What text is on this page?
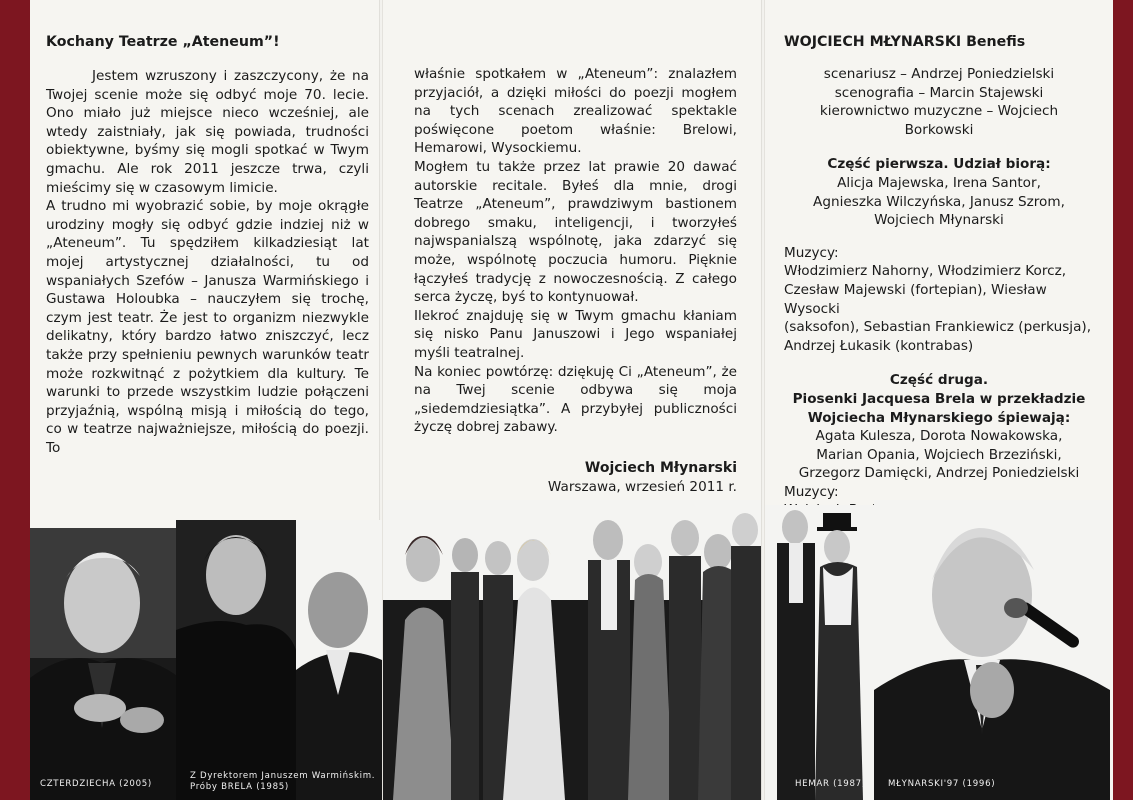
Kochany Teatrze „Ateneum”!

Jestem wzruszony i zaszczycony, że na Twojej scenie może się odbyć moje 70. lecie. Ono miało już miejsce nieco wcześniej, ale wtedy zaistniały, jak się powiada, trudności obiektywne, byśmy się mogli spotkać w Twym gmachu. Ale rok 2011 jeszcze trwa, czyli mieścimy się w czasowym limicie.

A trudno mi wyobrazić sobie, by moje okrągłe urodziny mogły się odbyć gdzie indziej niż w „Ateneum”. Tu spędziłem kilkadziesiąt lat mojej artystycznej działalności, tu od wspaniałych Szefów – Janusza Warmińskiego i Gustawa Holoubka – nauczyłem się trochę, czym jest teatr. Że jest to organizm niezwykle delikatny, który bardzo łatwo zniszczyć, lecz także przy spełnieniu pewnych warunków teatr może rozkwitnąć z pożytkiem dla kultury. Te warunki to przede wszystkim ludzie połączeni przyjaźnią, wspólną misją i miłością do tego, co w teatrze najważniejsze, miłością do poezji. To

właśnie spotkałem w „Ateneum”: znalazłem przyjaciół, a dzięki miłości do poezji mogłem na tych scenach zrealizować spektakle poświęcone poetom właśnie: Brelowi, Hemarowi, Wysockiemu.

Mogłem tu także przez lat prawie 20 dawać autorskie recitale. Byłeś dla mnie, drogi Teatrze „Ateneum”, prawdziwym bastionem dobrego smaku, inteligencji, i tworzyłeś najwspanialszą wspólnotę, jaka zdarzyć się może, wspólnotę poczucia humoru. Pięknie łączyłeś tradycję z nowoczesnością. Z całego serca życzę, byś to kontynuował.

Ilekroć znajduję się w Twym gmachu kłaniam się nisko Panu Januszowi i Jego wspaniałej myśli teatralnej.

Na koniec powtórzę: dziękuję Ci „Ateneum”, że na Twej scenie odbywa się moja „siedemdziesiątka”. A przybyłej publiczności życzę dobrej zabawy.

Wojciech Młynarski
Warszawa, wrzesień 2011 r.
WOJCIECH MŁYNARSKI Benefis
scenariusz – Andrzej Poniedzielski
scenografia – Marcin Stajewski
kierownictwo muzyczne – Wojciech Borkowski
Część pierwsza. Udział biorą:
Alicja Majewska, Irena Santor,
Agnieszka Wilczyńska, Janusz Szrom,
Wojciech Młynarski
Muzycy:
Włodzimierz Nahorny, Włodzimierz Korcz,
Czesław Majewski (fortepian), Wiesław Wysocki
(saksofon), Sebastian Frankiewicz (perkusja),
Andrzej Łukasik (kontrabas)
Część druga.
Piosenki Jacquesa Brela w przekładzie
Wojciecha Młynarskiego śpiewają:
Agata Kulesza, Dorota Nowakowska,
Marian Opania, Wojciech Brzeziński,
Grzegorz Damięcki, Andrzej Poniedzielski
Muzycy:
CZTERDZIECHA (2005)
Z Dyrektorem Januszem Warmińskim.
Próby BRELA (1985)	HEMAR (1987)	MŁYNARSKI'97 (1996)
